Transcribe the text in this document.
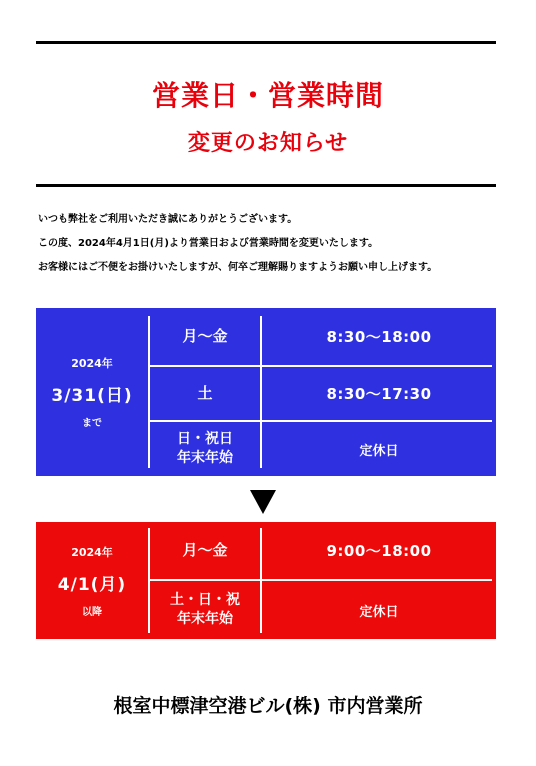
営業日・営業時間
変更のお知らせ
いつも弊社をご利用いただき誠にありがとうございます。
この度、2024年4月1日(月)より営業日および営業時間を変更いたします。
お客様にはご不便をお掛けいたしますが、何卒ご理解賜りますようお願い申し上げます。
2024年
3/31(日)
まで
月～金	8:30～18:00
土	8:30～17:30
日・祝日
年末年始	定休日
2024年
4/1(月)
以降
月～金	9:00～18:00
土・日・祝
年末年始	定休日
根室中標津空港ビル(株) 市内営業所
